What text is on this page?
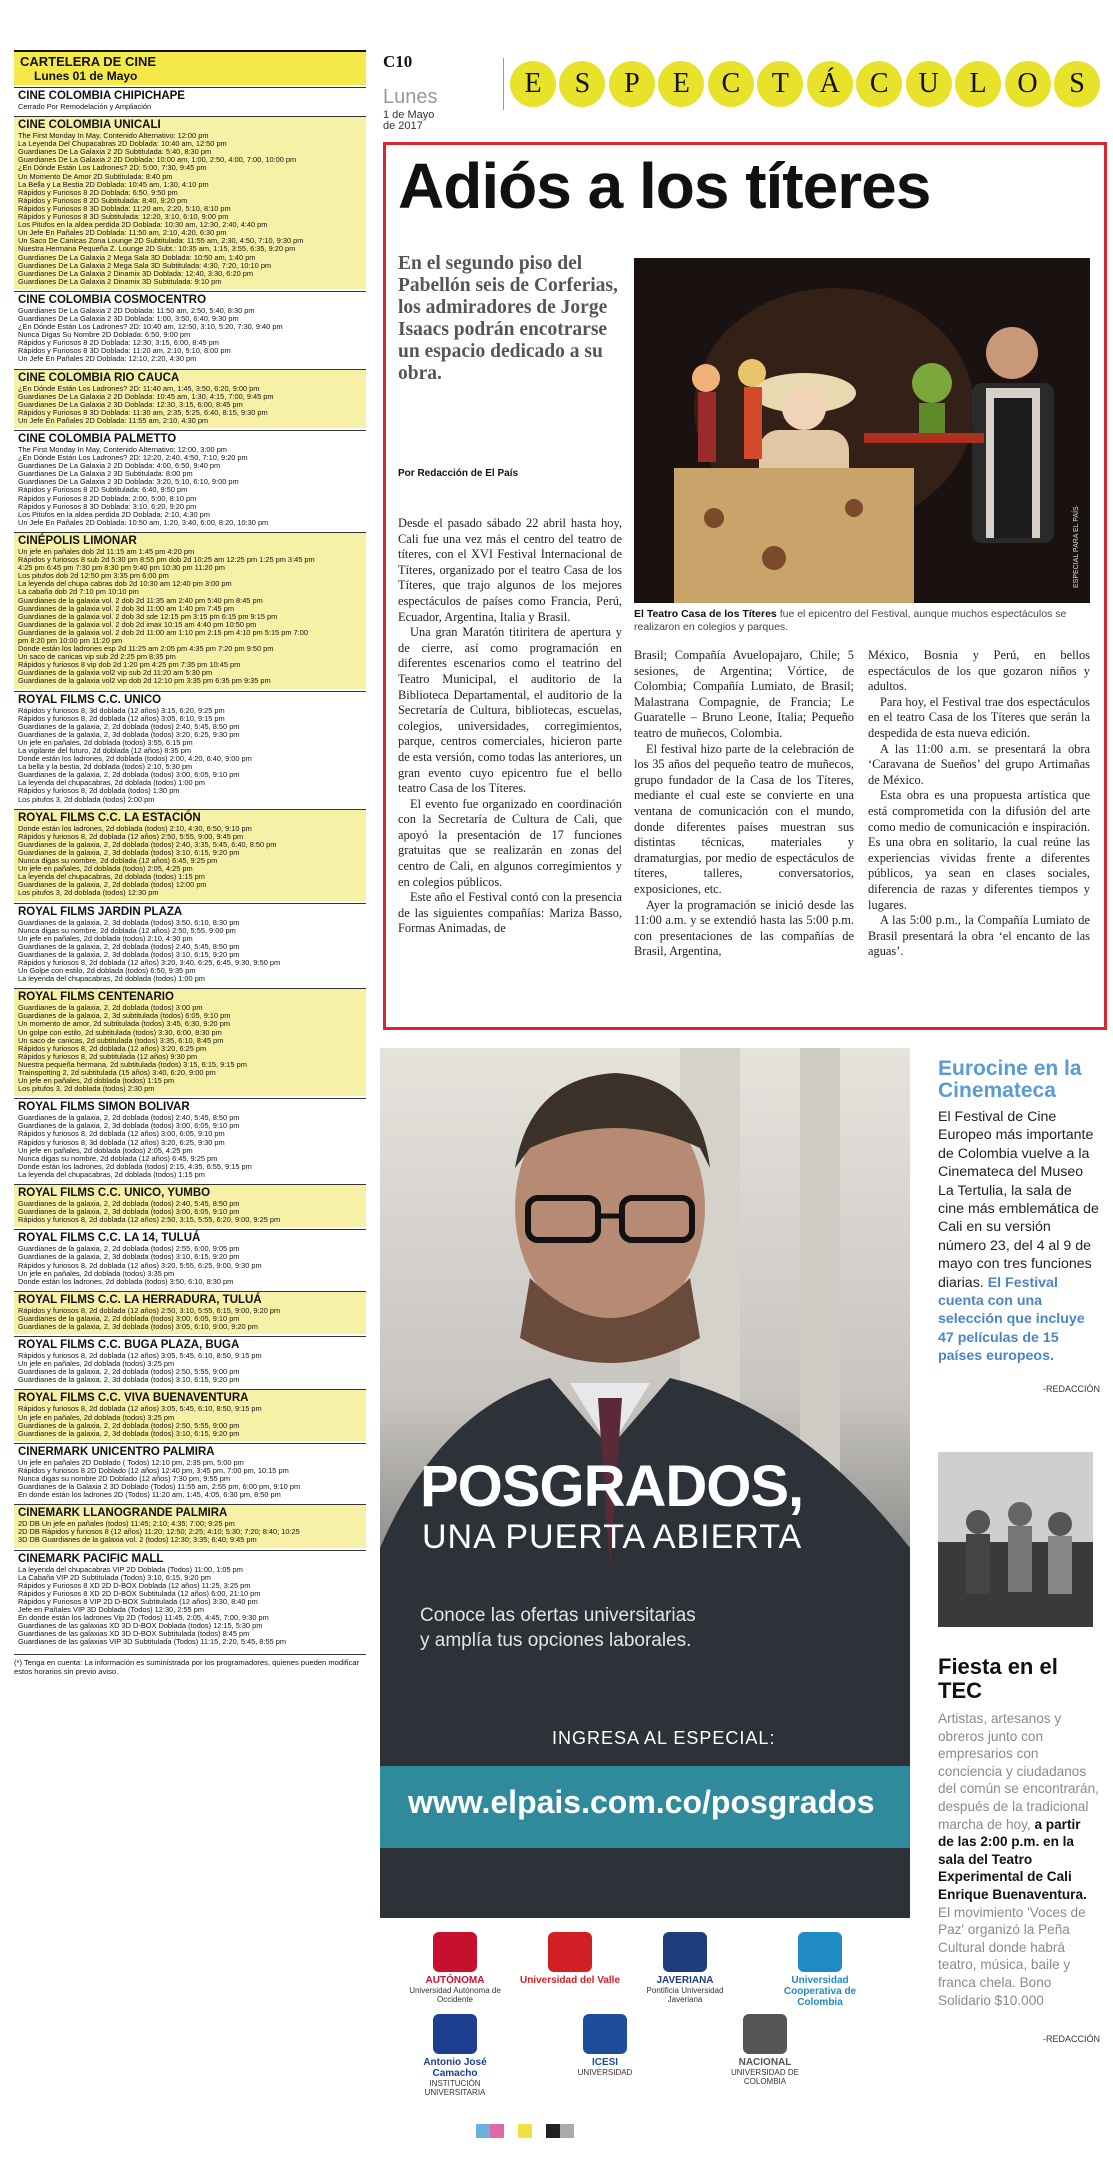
CARTELERA DE CINE
Lunes 01 de Mayo
CINE COLOMBIA CHIPICHAPE
Cerrado Por Remodelación y Ampliación
CINE COLOMBIA UNICALI
The First Monday In May, Contenido Alternativo: 12:00 pm
La Leyenda Del Chupacabras 2D Doblada: 10:40 am, 12:50 pm
Guardianes De La Galaxia 2 2D Subtitulada: 5:40, 8:30 pm
Guardianes De La Galaxia 2 2D Doblada: 10:00 am, 1:00, 2:50, 4:00, 7:00, 10:00 pm
¿En Dónde Están Los Ladrones? 2D: 5:00, 7:30, 9:45 pm
Un Momento De Amor 2D Subtitulada: 8:40 pm
La Bella y La Bestia 2D Doblada: 10:45 am, 1:30, 4:10 pm
Rápidos y Furiosos 8 2D Doblada: 6:50, 9:50 pm
Rápidos y Furiosos 8 2D Subtitulada: 8:40, 9:20 pm
Rápidos y Furiosos 8 3D Doblada: 11:20 am, 2:20, 5:10, 8:10 pm
Rápidos y Furiosos 8 3D Subtitulada: 12:20, 3:10, 6:10, 9:00 pm
Los Pitufos en la aldea perdida 2D Doblada: 10:30 am, 12:30, 2:40, 4:40 pm
Un Jefe En Pañales 2D Doblada: 11:50 am, 2:10, 4:20, 6:30 pm
Un Saco De Canicas Zona Lounge 2D Subtitulada: 11:55 am, 2:30, 4:50, 7:10, 9:30 pm
Nuestra Hermana Pequeña Z. Lounge 2D Subt.: 10:35 am, 1:15, 3:55, 6:35, 9:20 pm
Guardianes De La Galaxia 2 Mega Sala 3D Doblada: 10:50 am, 1:40 pm
Guardianes De La Galaxia 2 Mega Sala 3D Subtitulada: 4:30, 7:20, 10:10 pm
Guardianes De La Galaxia 2 Dinamix 3D Doblada: 12:40, 3:30, 6:20 pm
Guardianes De La Galaxia 2 Dinamix 3D Subtitulada: 9:10 pm
CINE COLOMBIA COSMOCENTRO
Guardianes De La Galaxia 2 2D Doblada: 11:50 am, 2:50, 5:40, 8:30 pm
Guardianes De La Galaxia 2 3D Doblada: 1:00, 3:50, 6:40, 9:30 pm
¿En Dónde Están Los Ladrones? 2D: 10:40 am, 12:50, 3:10, 5:20, 7:30, 9:40 pm
Nunca Digas Su Nombre 2D Doblada: 6:50, 9:00 pm
Rápidos y Furiosos 8 2D Doblada: 12:30, 3:15, 6:00, 8:45 pm
Rápidos y Furiosos 8 3D Doblada: 11:20 am, 2:10, 5:10, 8:00 pm
Un Jefe En Pañales 2D Doblada: 12:10, 2:20, 4:30 pm
CINE COLOMBIA RIO CAUCA
¿En Dónde Están Los Ladrones? 2D: 11:40 am, 1:45, 3:50, 6:20, 9:00 pm
Guardianes De La Galaxia 2 2D Doblada: 10:45 am, 1:30, 4:15, 7:00, 9:45 pm
Guardianes De La Galaxia 2 3D Doblada: 12:30, 3:15, 6:00, 8:45 pm
Rápidos y Furiosos 8 3D Doblada: 11:30 am, 2:35, 5:25, 6:40, 8:15, 9:30 pm
Un Jefe En Pañales 2D Doblada: 11:55 am, 2:10, 4:30 pm
CINE COLOMBIA PALMETTO
The First Monday In May, Contenido Alternativo: 12:00, 3:00 pm
¿En Dónde Están Los Ladrones? 2D: 12:20, 2:40, 4:50, 7:10, 9:20 pm
Guardianes De La Galaxia 2 2D Doblada: 4:00, 6:50, 9:40 pm
Guardianes De La Galaxia 2 3D Subtitulada: 8:00 pm
Guardianes De La Galaxia 2 3D Doblada: 3:20, 5:10, 6:10, 9:00 pm
Rápidos y Furiosos 8 2D Subtitulada: 6:40, 9:50 pm
Rápidos y Furiosos 8 2D Doblada: 2:00, 5:00, 8:10 pm
Rápidos y Furiosos 8 3D Doblada: 3:10, 6:20, 9:20 pm
Los Pitufos en la aldea perdida 2D Doblada: 2:10, 4:30 pm
Un Jefe En Pañales 2D Doblada: 10:50 am, 1:20, 3:40, 6:00, 8:20, 10:30 pm
CINÉPOLIS LIMONAR
Un jefe en pañales dob 2d 11:15 am 1:45 pm 4:20 pm
Rápidos y furiosos 8 sub 2d 5:30 pm 8:55 pm dob 2d 10:25 am 12:25 pm 1:25 pm 3:45 pm
4:25 pm 6:45 pm 7:30 pm 8:30 pm 9:40 pm 10:30 pm 11:20 pm
Los pitufos dob 2d 12:50 pm 3:35 pm 6:00 pm
La leyenda del chupa cabras dob 2d 10:30 am 12:40 pm 3:00 pm
La cabaña dob 2d 7:10 pm 10:10 pm
Guardianes de la galaxia vol. 2 dob 2d 11:35 am 2:40 pm 5:40 pm 8:45 pm
Guardianes de la galaxia vol. 2 dob 3d 11:00 am 1:40 pm 7:45 pm
Guardianes de la galaxia vol. 2 dob 3d sde 12:15 pm 3:15 pm 6:15 pm 9:15 pm
Guardianes de la galaxia vol. 2 dob 2d imax 10:15 am 4:40 pm 10:50 pm
Guardianes de la galaxia vol. 2 dob 2d 11:00 am 1:10 pm 2:15 pm 4:10 pm 5:15 pm 7:00
pm 8:20 pm 10:00 pm 11:20 pm
Donde están los ladrones esp 2d 11:25 am 2:05 pm 4:35 pm 7:20 pm 9:50 pm
Un saco de canicas vip sub 2d 2:25 pm 8:35 pm
Rápidos y furiosos 8 vip dob 2d 1:20 pm 4:25 pm 7:35 pm 10:45 pm
Guardianes de la galaxia vol2 vip sub 2d 11:20 am 5:30 pm
Guardianes de la galaxia vol2 vip dob 2d 12:10 pm 3:35 pm 6:35 pm 9:35 pm
ROYAL FILMS C.C. UNICO
Rápidos y furiosos 8, 3d doblada (12 años) 3:15, 6:20, 9:25 pm
Rápidos y furiosos 8, 2d doblada (12 años) 3:05, 6:10, 9:15 pm
Guardianes de la galaxia, 2, 2d doblada (todos) 2:40, 5:45, 8:50 pm
Guardianes de la galaxia, 2, 3d doblada (todos) 3:20, 6:25, 9:30 pm
Un jefe en pañales, 2d doblada (todos) 3:55, 6:15 pm
La vigilante del futuro, 2d doblada (12 años) 8:35 pm
Donde están los ladrones, 2d doblada (todos) 2:00, 4:20, 6:40, 9:00 pm
La bella y la bestia, 2d doblada (todos) 2:10, 5:30 pm
Guardianes de la galaxia, 2, 2d doblada (todos) 3:00, 6:05, 9:10 pm
La leyenda del chupacabras, 2d doblada (todos) 1:00 pm
Rápidos y furiosos 8, 2d doblada (todos) 1:30 pm
Los pitufos 3, 2d doblada (todos) 2:00 pm
ROYAL FILMS C.C. LA ESTACIÓN
Donde están los ladrones, 2d doblada (todos) 2:10, 4:30, 6:50, 9:10 pm
Rápidos y furiosos 8, 2d doblada (12 años) 2:50, 5:55, 9:00, 9:45 pm
Guardianes de la galaxia, 2, 2d doblada (todos) 2:40, 3:35, 5:45, 6:40, 8:50 pm
Guardianes de la galaxia, 2, 3d doblada (todos) 3:10, 6:15, 9:20 pm
Nunca digas su nombre, 2d doblada (12 años) 6:45, 9:25 pm
Un jefe en pañales, 2d doblada (todos) 2:05, 4:25 pm
La leyenda del chupacabras, 2d doblada (todos) 1:15 pm
Guardianes de la galaxia, 2, 2d doblada (todos) 12:00 pm
Los pitufos 3, 2d doblada (todos) 12:30 pm
ROYAL FILMS JARDIN PLAZA
Guardianes de la galaxia, 2, 3d doblada (todos) 3:50, 6:10, 8:30 pm
Nunca digas su nombre, 2d doblada (12 años) 2:50, 5:55, 9:00 pm
Un jefe en pañales, 2d doblada (todos) 2:10, 4:30 pm
Guardianes de la galaxia, 2, 2d doblada (todos) 2:40, 5:45, 8:50 pm
Guardianes de la galaxia, 2, 3d doblada (todos) 3:10, 6:15, 9:20 pm
Rápidos y furiosos 8, 2d doblada (12 años) 3:20, 3:40, 6:25, 6:45, 9:30, 9:50 pm
Un Golpe con estilo, 2d doblada (todos) 6:50, 9:35 pm
La leyenda del chupacabras, 2d doblada (todos) 1:00 pm
ROYAL FILMS CENTENARIO
Guardianes de la galaxia, 2, 2d doblada (todos) 3:00 pm
Guardianes de la galaxia, 2, 3d subtitulada (todos) 6:05, 9:10 pm
Un momento de amor, 2d subtitulada (todos) 3:45, 6:30, 9:20 pm
Un golpe con estilo, 2d subtitulada (todos) 3:30, 6:00, 8:30 pm
Un saco de canicas, 2d subtitulada (todos) 3:35, 6:10, 8:45 pm
Rápidos y furiosos 8, 2d doblada (12 años) 3:20, 6:25 pm
Rápidos y furiosos 8, 2d subtitulada (12 años) 9:30 pm
Nuestra pequeña hermana, 2d subtitulada (todos) 3:15, 6:15, 9:15 pm
Trainspotting 2, 2d subtitulada (15 años) 3:40, 6:20, 9:00 pm
Un jefe en pañales, 2d doblada (todos) 1:15 pm
Los pitufos 3, 2d doblada (todos) 2:30 pm
ROYAL FILMS SIMON BOLIVAR
Guardianes de la galaxia, 2, 2d doblada (todos) 2:40, 5:45, 8:50 pm
Guardianes de la galaxia, 2, 3d doblada (todos) 3:00, 6:05, 9:10 pm
Rápidos y furiosos 8, 2d doblada (12 años) 3:00, 6:05, 9:10 pm
Rápidos y furiosos 8, 3d doblada (12 años) 3:20, 6:25, 9:30 pm
Un jefe en pañales, 2d doblada (todos) 2:05, 4:25 pm
Nunca digas su nombre, 2d doblada (12 años) 6:45, 9:25 pm
Donde están los ladrones, 2d doblada (todos) 2:15, 4:35, 6:55, 9:15 pm
La leyenda del chupacabras, 2d doblada (todos) 1:15 pm
ROYAL FILMS C.C. UNICO, YUMBO
Guardianes de la galaxia, 2, 2d doblada (todos) 2:40, 5:45, 8:50 pm
Guardianes de la galaxia, 2, 3d doblada (todos) 3:00, 6:05, 9:10 pm
Rápidos y furiosos 8, 2d doblada (12 años) 2:50, 3:15, 5:55, 6:20, 9:00, 9:25 pm
ROYAL FILMS C.C. LA 14, TULUÁ
Guardianes de la galaxia, 2, 2d doblada (todos) 2:55, 6:00, 9:05 pm
Guardianes de la galaxia, 2, 3d doblada (todos) 3:10, 6:15, 9:20 pm
Rápidos y furiosos 8, 2d doblada (12 años) 3:20, 5:55, 6:25, 9:00, 9:30 pm
Un jefe en pañales, 2d doblada (todos) 3:35 pm
Donde están los ladrones, 2d doblada (todos) 3:50, 6:10, 8:30 pm
ROYAL FILMS C.C. LA HERRADURA, TULUÁ
Rápidos y furiosos 8, 2d doblada (12 años) 2:50, 3:10, 5:55, 6:15, 9:00, 9:20 pm
Guardianes de la galaxia, 2, 2d doblada (todos) 3:00, 6:05, 9:10 pm
Guardianes de la galaxia, 2, 3d doblada (todos) 3:05, 6:10, 9:00, 9:20 pm
ROYAL FILMS C.C. BUGA PLAZA, BUGA
Rápidos y furiosos 8, 2d doblada (12 años) 3:05, 5:45, 6:10, 8:50, 9:15 pm
Un jefe en pañales, 2d doblada (todos) 3:25 pm
Guardianes de la galaxia, 2, 2d doblada (todos) 2:50, 5:55, 9:00 pm
Guardianes de la galaxia, 2, 3d doblada (todos) 3:10, 6:15, 9:20 pm
ROYAL FILMS C.C. VIVA BUENAVENTURA
Rápidos y furiosos 8, 2d doblada (12 años) 3:05, 5:45, 6:10, 8:50, 9:15 pm
Un jefe en pañales, 2d doblada (todos) 3:25 pm
Guardianes de la galaxia, 2, 2d doblada (todos) 2:50, 5:55, 9:00 pm
Guardianes de la galaxia, 2, 3d doblada (todos) 3:10, 6:15, 9:20 pm
CINERMARK UNICENTRO PALMIRA
Un jefe en pañales 2D Doblado ( Todos) 12:10 pm, 2:35 pm, 5:00 pm
Rápidos y furiosos 8 2D Doblado (12 años) 12:40 pm, 3:45 pm, 7:00 pm, 10:15 pm
Nunca digas su nombre 2D Doblado (12 años) 7:30 pm, 9:55 pm
Guardianes de la Galaxia 2 3D Doblado (Todos) 11:55 am, 2:55 pm, 6:00 pm, 9:10 pm
En donde están los ladrones 2D (Todos) 11:20 am, 1:45, 4:05, 6:30 pm, 8:50 pm
CINEMARK LLANOGRANDE PALMIRA
2D DB Un jefe en pañales (todos) 11:45; 2:10; 4:35; 7:00; 9:25 pm
2D DB Rápidos y furiosos 8 (12 años) 11:20; 12:50; 2:25; 4:10; 5:30; 7:20; 8:40; 10:25
3D DB Guardianes de la galaxia vol. 2 (todos) 12:30; 3:35; 6:40; 9:45 pm
CINEMARK PACIFIC MALL
La leyenda del chupacabras VIP 2D Doblada (Todos) 11:00, 1:05 pm
La Cabaña VIP 2D Subtitulada (Todos) 3:10, 6:15, 9:20 pm
Rápidos y Furiosos 8 XD 2D D-BOX Doblada (12 años) 11:25, 3:25 pm
Rápidos y Furiosos 8 XD 2D D-BOX Subtitulada (12 años) 6:00, 21:10 pm
Rápidos y Furiosos 8 VIP 2D D-BOX Subtitulada (12 años) 3:30, 8:40 pm
Jefe en Pañales VIP 3D Doblada (Todos) 12:30, 2:55 pm
En donde están los ladrones Vip 2D (Todos) 11:45, 2:05, 4:45, 7:00, 9:30 pm
Guardianes de las galaxias XD 3D D-BOX Doblada (todos) 12:15, 5:30 pm
Guardianes de las galaxias XD 3D D-BOX Subtitulada (todos) 8:45 pm
Guardianes de las galaxias VIP 3D Subtitulada (Todos) 11:15, 2:20, 5:45, 8:55 pm
(*) Tenga en cuenta: La información es suministrada por los programadores, quienes pueden modificar estos horarios sin previo aviso.
C10
Lunes
1 de Mayo
de 2017
E	S	P	E	C	T	Á	C	U	L	O	S
Adiós a los títeres
En el segundo piso del Pabellón seis de Corferias, los admiradores de Jorge Isaacs podrán encotrarse un espacio dedicado a su obra.
Por Redacción de El País
ESPECIAL PARA EL PAÍS
El Teatro Casa de los Títeres fue el epicentro del Festival, aunque muchos espectáculos se realizaron en colegios y parques.

Desde el pasado sábado 22 abril hasta hoy, Cali fue una vez más el centro del teatro de títeres, con el XVI Festival Internacional de Títeres, organizado por el teatro Casa de los Títeres, que trajo algunos de los mejores espectáculos de países como Francia, Perú, Ecuador, Argentina, Italia y Brasil.

Una gran Maratón titiritera de apertura y de cierre, así como programación en diferentes escenarios como el teatrino del Teatro Municipal, el auditorio de la Biblioteca Departamental, el auditorio de la Secretaría de Cultura, bibliotecas, escuelas, colegios, universidades, corregimientos, parque, centros comerciales, hicieron parte de esta versión, como todas las anteriores, un gran evento cuyo epicentro fue el bello teatro Casa de los Títeres.

El evento fue organizado en coordinación con la Secretaría de Cultura de Cali, que apoyó la presentación de 17 funciones gratuitas que se realizarán en zonas del centro de Cali, en algunos corregimientos y en colegios públicos.

Este año el Festival contó con la presencia de las siguientes compañías: Mariza Basso, Formas Animadas, de

Brasil; Compañía Avuelopajaro, Chile; 5 sesiones, de Argentina; Vórtice, de Colombia; Compañía Lumiato, de Brasil; Malastrana Compagnie, de Francia; Le Guaratelle – Bruno Leone, Italia; Pequeño teatro de muñecos, Colombia.

El festival hizo parte de la celebración de los 35 años del pequeño teatro de muñecos, grupo fundador de la Casa de los Títeres, mediante el cual este se convierte en una ventana de comunicación con el mundo, donde diferentes países muestran sus distintas técnicas, materiales y dramaturgias, por medio de espectáculos de títeres, talleres, conversatorios, exposiciones, etc.

Ayer la programación se inició desde las 11:00 a.m. y se extendió hasta las 5:00 p.m. con presentaciones de las compañías de Brasil, Argentina,

México, Bosnia y Perú, en bellos espectáculos de los que gozaron niños y adultos.

Para hoy, el Festival trae dos espectáculos en el teatro Casa de los Títeres que serán la despedida de esta nueva edición.

A las 11:00 a.m. se presentará la obra ‘Caravana de Sueños’ del grupo Artimañas de México.

Esta obra es una propuesta artística que está comprometida con la difusión del arte como medio de comunicación e inspiración. Es una obra en solitario, la cual reúne las experiencias vividas frente a diferentes públicos, ya sean en clases sociales, diferencia de razas y diferentes tiempos y lugares.

A las 5:00 p.m., la Compañía Lumiato de Brasil presentará la obra ‘el encanto de las aguas’.

POSGRADOS,
UNA PUERTA ABIERTA
Conoce las ofertas universitarias
y amplía tus opciones laborales.
INGRESA AL ESPECIAL:
www.elpais.com.co/posgrados
AUTÓNOMA
Universidad Autónoma de Occidente
Universidad del Valle	JAVERIANA
Pontificia Universidad Javeriana
Universidad Cooperativa de Colombia
Antonio José Camacho
INSTITUCIÓN UNIVERSITARIA
ICESI
UNIVERSIDAD
NACIONAL
UNIVERSIDAD DE COLOMBIA
Eurocine en la Cinemateca
El Festival de Cine Europeo más importante de Colombia vuelve a la Cinemateca del Museo La Tertulia, la sala de cine más emblemática de Cali en su versión número 23, del 4 al 9 de mayo con tres funciones diarias. El Festival cuenta con una selección que incluye 47 películas de 15 países europeos.
-REDACCIÓN
Fiesta en el TEC
Artistas, artesanos y obreros junto con empresarios con conciencia y ciudadanos del común se encontrarán, después de la tradicional marcha de hoy, a partir de las 2:00 p.m. en la sala del Teatro Experimental de Cali Enrique Buenaventura. El movimiento 'Voces de Paz' organizó la Peña Cultural donde habrá teatro, música, baile y franca chela. Bono Solidario $10.000
-REDACCIÓN
